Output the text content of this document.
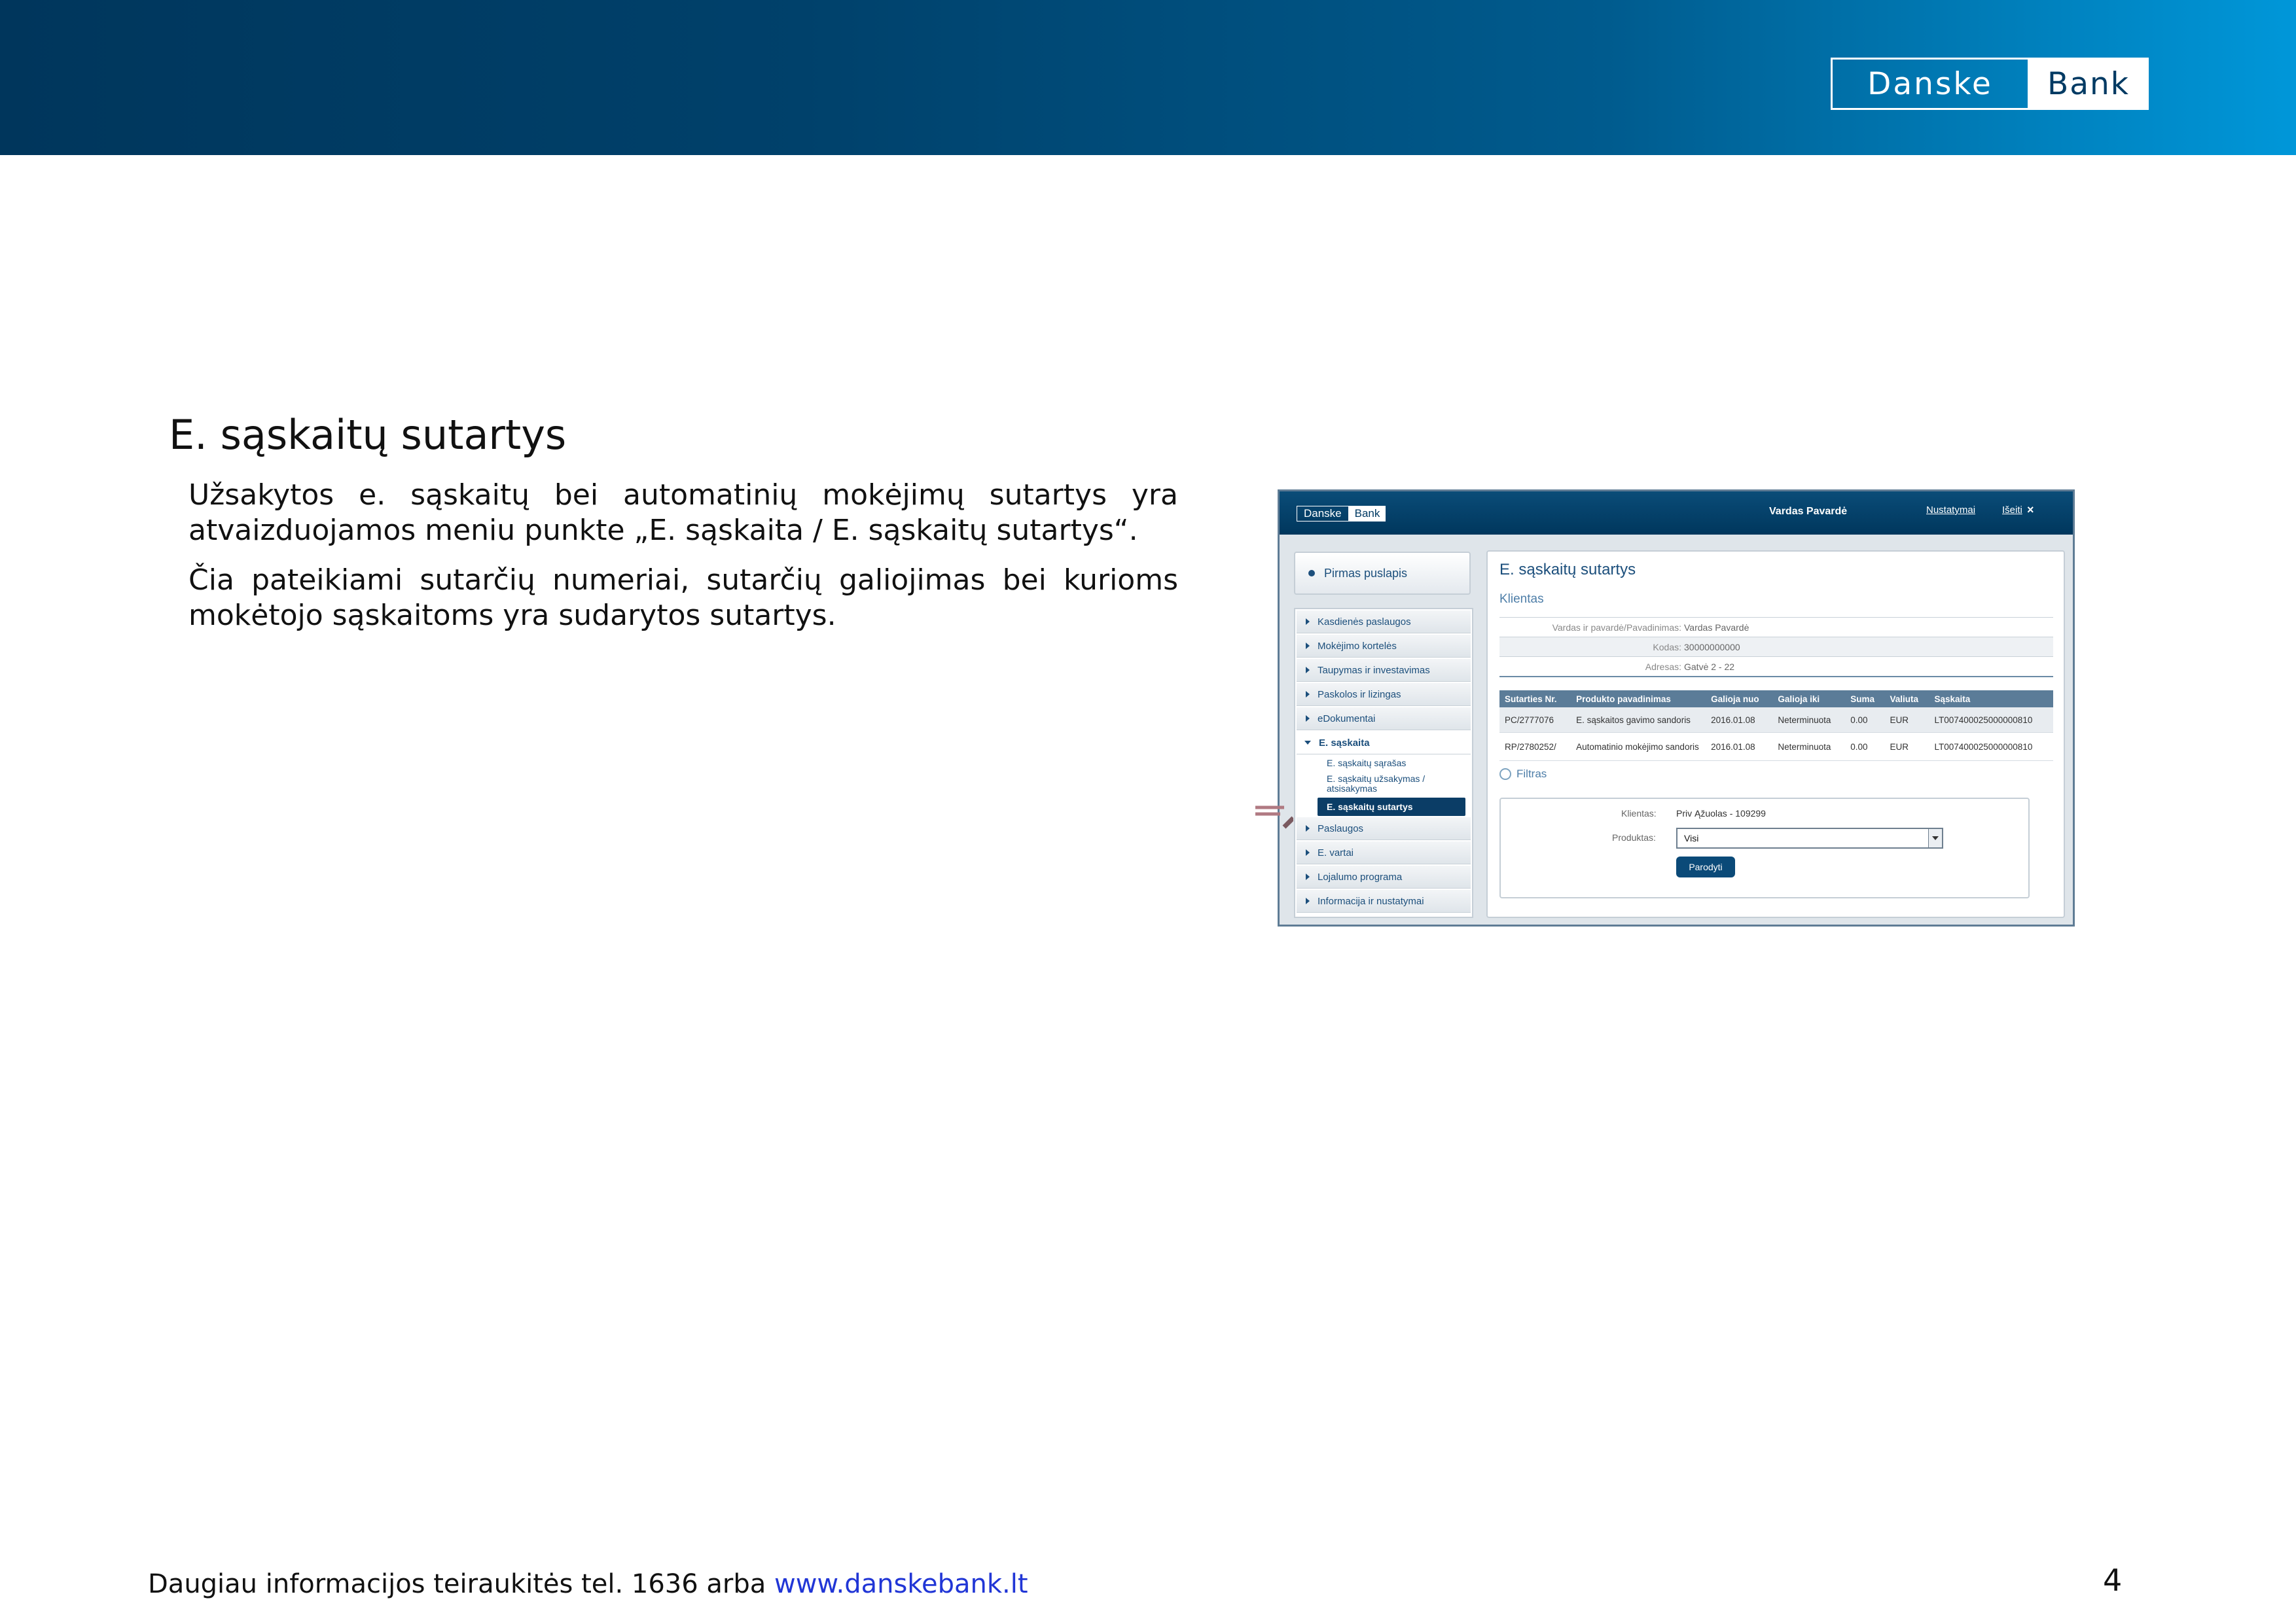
Danske	Bank
E. sąskaitų sutartys

Užsakytos e. sąskaitų bei automatinių mokėjimų sutartys yra atvaizduojamos meniu punkte „E. sąskaita / E. sąskaitų sutartys“.

Čia pateikiami sutarčių numeriai, sutarčių galiojimas bei kurioms mokėtojo sąskaitoms yra sudarytos sutartys.

Danske	Bank	Vardas Pavardė	Nustatymai	Išeiti ×
Pirmas puslapis
Kasdienės paslaugos
Mokėjimo kortelės
Taupymas ir investavimas
Paskolos ir lizingas
eDokumentai
E. sąskaita
E. sąskaitų sąrašas
E. sąskaitų užsakymas / atsisakymas
E. sąskaitų sutartys
Paslaugos
E. vartai
Lojalumo programa
Informacija ir nustatymai
E. sąskaitų sutartys
Klientas
Vardas ir pavardė/Pavadinimas: Vardas Pavardė
Kodas: 30000000000
Adresas: Gatvė 2 - 22
Sutarties Nr.	Produkto pavadinimas	Galioja nuo	Galioja iki	Suma	Valiuta	Sąskaita
PC/2777076	E. sąskaitos gavimo sandoris	2016.01.08	Neterminuota	0.00	EUR	LT007400025000000810
RP/2780252/	Automatinio mokėjimo sandoris	2016.01.08	Neterminuota	0.00	EUR	LT007400025000000810
Filtras
Klientas: Priv Ąžuolas - 109299
Produktas:	Visi
Parodyti
Daugiau informacijos teiraukitės tel. 1636 arba www.danskebank.lt	4
